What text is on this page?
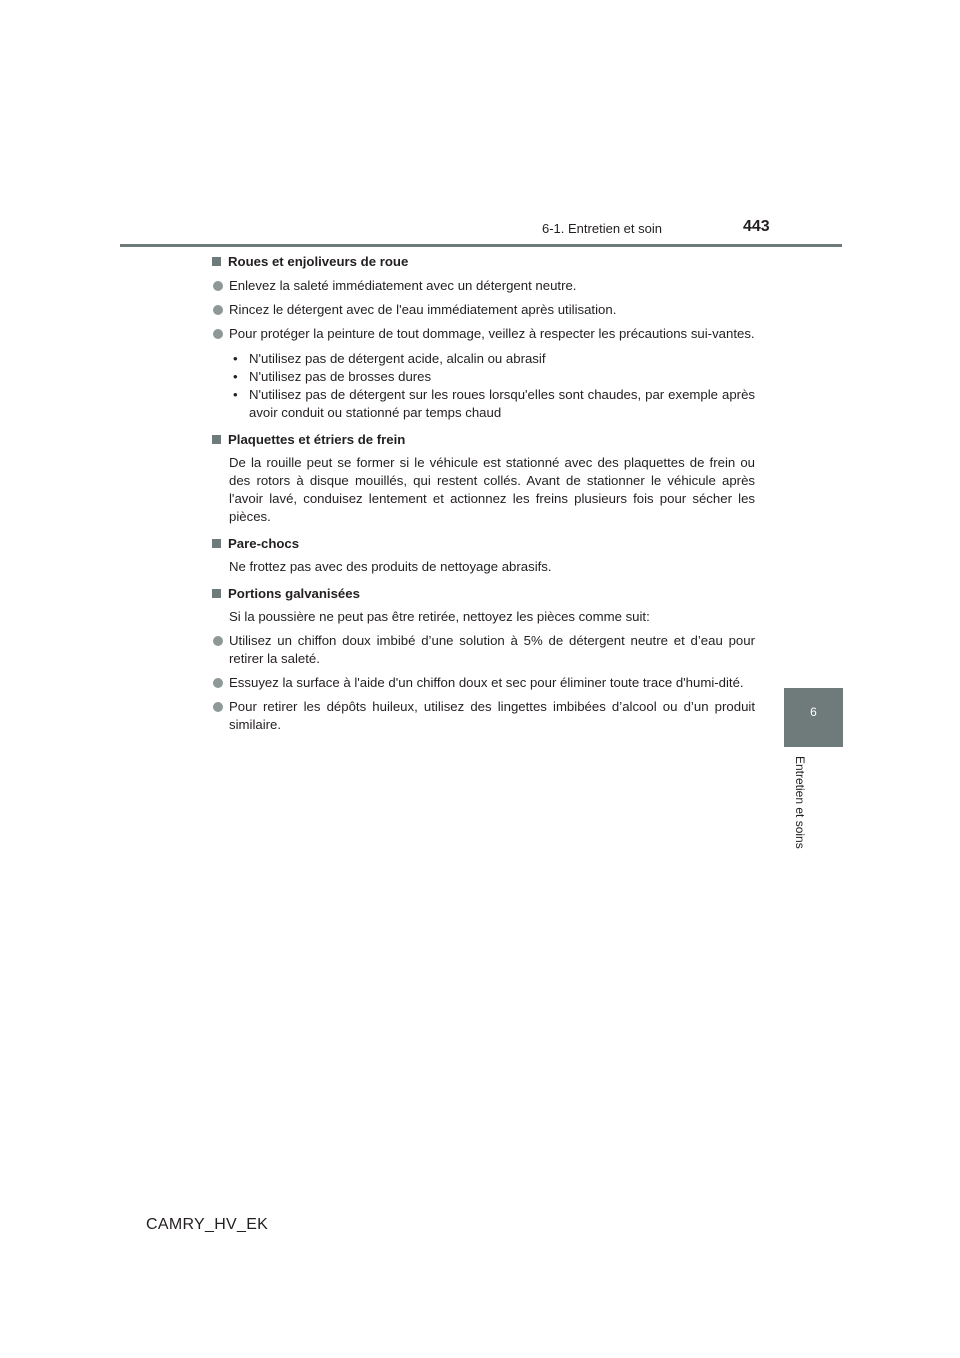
6-1. Entretien et soin	443
6
Entretien et soins
Roues et enjoliveurs de roue
Enlevez la saleté immédiatement avec un détergent neutre.
Rincez le détergent avec de l'eau immédiatement après utilisation.
Pour protéger la peinture de tout dommage, veillez à respecter les précautions sui-vantes.
• N'utilisez pas de détergent acide, alcalin ou abrasif
• N'utilisez pas de brosses dures
• N'utilisez pas de détergent sur les roues lorsqu'elles sont chaudes, par exemple après avoir conduit ou stationné par temps chaud
Plaquettes et étriers de frein
De la rouille peut se former si le véhicule est stationné avec des plaquettes de frein ou des rotors à disque mouillés, qui restent collés. Avant de stationner le véhicule après l'avoir lavé, conduisez lentement et actionnez les freins plusieurs fois pour sécher les pièces.
Pare-chocs
Ne frottez pas avec des produits de nettoyage abrasifs.
Portions galvanisées
Si la poussière ne peut pas être retirée, nettoyez les pièces comme suit:
Utilisez un chiffon doux imbibé d’une solution à 5% de détergent neutre et d’eau pour retirer la saleté.
Essuyez la surface à l'aide d'un chiffon doux et sec pour éliminer toute trace d'humi-dité.
Pour retirer les dépôts huileux, utilisez des lingettes imbibées d’alcool ou d’un produit similaire.
CAMRY_HV_EK
